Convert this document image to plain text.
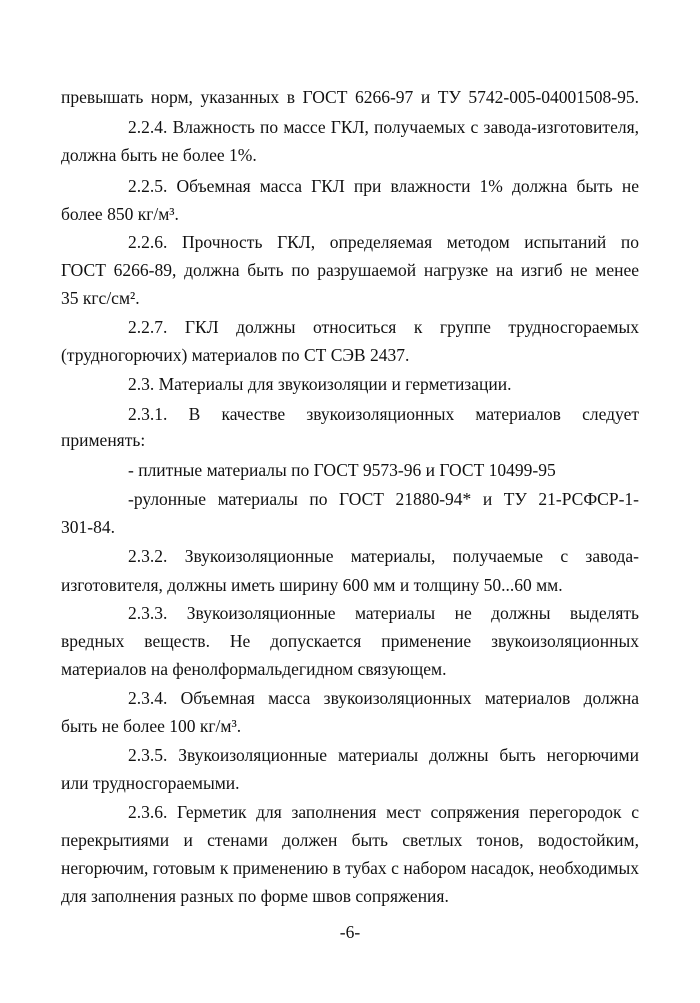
превышать норм, указанных в ГОСТ 6266-97 и ТУ 5742-005-04001508-95.
2.2.4. Влажность по массе ГКЛ, получаемых с завода-изготовителя,
должна быть не более 1%.
2.2.5. Объемная масса ГКЛ при влажности 1% должна быть не
более 850 кг/м³.
2.2.6. Прочность ГКЛ, определяемая методом испытаний по
ГОСТ 6266-89, должна быть по разрушаемой нагрузке на изгиб не менее
35 кгс/см².
2.2.7. ГКЛ должны относиться к группе трудносгораемых
(трудногорючих) материалов по СТ СЭВ 2437.
2.3. Материалы для звукоизоляции и герметизации.
2.3.1. В качестве звукоизоляционных материалов следует
применять:
- плитные материалы по ГОСТ 9573-96 и ГОСТ 10499-95
-рулонные материалы по ГОСТ 21880-94* и ТУ 21-РСФСР-1-
301-84.
2.3.2. Звукоизоляционные материалы, получаемые с завода-
изготовителя, должны иметь ширину 600 мм и толщину 50...60 мм.
2.3.3. Звукоизоляционные материалы не должны выделять
вредных веществ. Не допускается применение звукоизоляционных
материалов на фенолформальдегидном связующем.
2.3.4. Объемная масса звукоизоляционных материалов должна
быть не более 100 кг/м³.
2.3.5. Звукоизоляционные материалы должны быть негорючими
или трудносгораемыми.
2.3.6. Герметик для заполнения мест сопряжения перегородок с
перекрытиями и стенами должен быть светлых тонов, водостойким,
негорючим, готовым к применению в тубах с набором насадок, необходимых
для заполнения разных по форме швов сопряжения.
-6-
